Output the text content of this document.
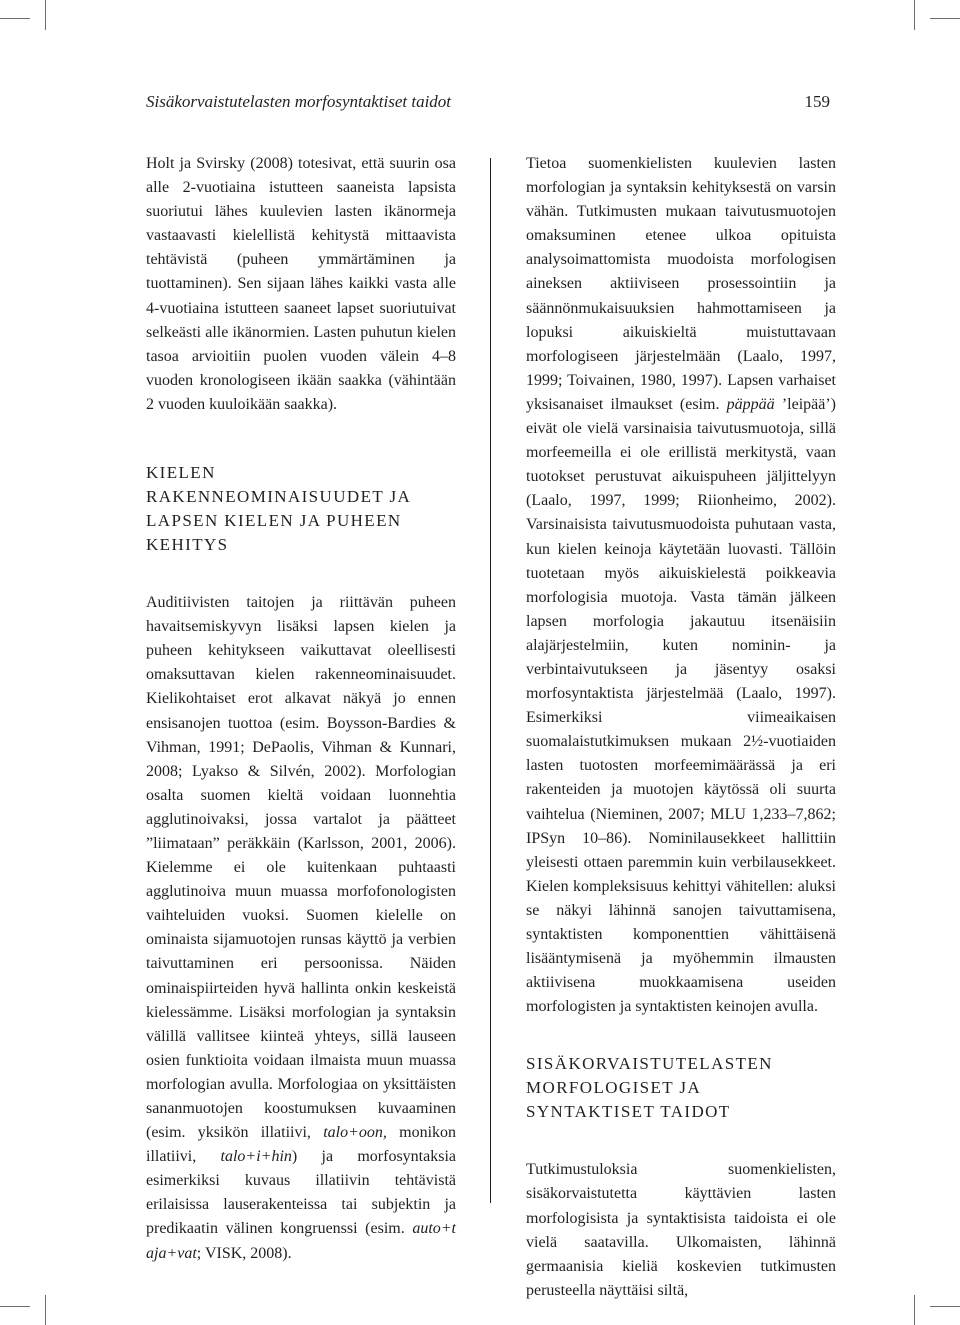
Sisäkorvaistutelasten morfosyntaktiset taidot	159

Holt ja Svirsky (2008) totesivat, että suurin osa alle 2-vuotiaina istutteen saaneista lapsista suoriutui lähes kuulevien lasten ikänormeja vastaavasti kielellistä kehitystä mittaavista tehtävistä (puheen ymmärtäminen ja tuottaminen). Sen sijaan lähes kaikki vasta alle 4-vuotiaina istutteen saaneet lapset suoriutuivat selkeästi alle ikänormien. Lasten puhutun kielen tasoa arvioitiin puolen vuoden välein 4–8 vuoden kronologiseen ikään saakka (vähintään 2 vuoden kuuloikään saakka).

KIELEN
RAKENNEOMINAISUUDET JA
LAPSEN KIELEN JA PUHEEN
KEHITYS

Auditiivisten taitojen ja riittävän puheen havaitsemiskyvyn lisäksi lapsen kielen ja puheen kehitykseen vaikuttavat oleellisesti omaksuttavan kielen rakenneominaisuudet. Kielikohtaiset erot alkavat näkyä jo ennen ensisanojen tuottoa (esim. Boysson-Bardies & Vihman, 1991; DePaolis, Vihman & Kunnari, 2008; Lyakso & Silvén, 2002). Morfologian osalta suomen kieltä voidaan luonnehtia agglutinoivaksi, jossa vartalot ja päätteet ”liimataan” peräkkäin (Karlsson, 2001, 2006). Kielemme ei ole kuitenkaan puhtaasti agglutinoiva muun muassa morfofonologisten vaihteluiden vuoksi. Suomen kielelle on ominaista sijamuotojen runsas käyttö ja verbien taivuttaminen eri persoonissa. Näiden ominaispiirteiden hyvä hallinta onkin keskeistä kielessämme. Lisäksi morfologian ja syntaksin välillä vallitsee kiinteä yhteys, sillä lauseen osien funktioita voidaan ilmaista muun muassa morfologian avulla. Morfologiaa on yksittäisten sananmuotojen koostumuksen kuvaaminen (esim. yksikön illatiivi, talo+oon, monikon illatiivi, talo+i+hin) ja morfosyntaksia esimerkiksi kuvaus illatiivin tehtävistä erilaisissa lauserakenteissa tai subjektin ja predikaatin välinen kongruenssi (esim. auto+t aja+vat; VISK, 2008).

Tietoa suomenkielisten kuulevien lasten morfologian ja syntaksin kehityksestä on varsin vähän. Tutkimusten mukaan taivutusmuotojen omaksuminen etenee ulkoa opituista analysoimattomista muodoista morfologisen aineksen aktiiviseen prosessointiin ja säännönmukaisuuksien hahmottamiseen ja lopuksi aikuiskieltä muistuttavaan morfologiseen järjestelmään (Laalo, 1997, 1999; Toivainen, 1980, 1997). Lapsen varhaiset yksisanaiset ilmaukset (esim. päppää ’leipää’) eivät ole vielä varsinaisia taivutusmuotoja, sillä morfeemeilla ei ole erillistä merkitystä, vaan tuotokset perustuvat aikuispuheen jäljittelyyn (Laalo, 1997, 1999; Riionheimo, 2002). Varsinaisista taivutusmuodoista puhutaan vasta, kun kielen keinoja käytetään luovasti. Tällöin tuotetaan myös aikuiskielestä poikkeavia morfologisia muotoja. Vasta tämän jälkeen lapsen morfologia jakautuu itsenäisiin alajärjestelmiin, kuten nominin- ja verbintaivutukseen ja jäsentyy osaksi morfosyntaktista järjestelmää (Laalo, 1997). Esimerkiksi viimeaikaisen suomalaistutkimuksen mukaan 2½-vuotiaiden lasten tuotosten morfeemimäärässä ja eri rakenteiden ja muotojen käytössä oli suurta vaihtelua (Nieminen, 2007; MLU 1,233–7,862; IPSyn 10–86). Nominilausekkeet hallittiin yleisesti ottaen paremmin kuin verbilausekkeet. Kielen kompleksisuus kehittyi vähitellen: aluksi se näkyi lähinnä sanojen taivuttamisena, syntaktisten komponenttien vähittäisenä lisääntymisenä ja myöhemmin ilmausten aktiivisena muokkaamisena useiden morfologisten ja syntaktisten keinojen avulla.

SISÄKORVAISTUTELASTEN
MORFOLOGISET JA
SYNTAKTISET TAIDOT

Tutkimustuloksia suomenkielisten, sisäkorvaistutetta käyttävien lasten morfologisista ja syntaktisista taidoista ei ole vielä saatavilla. Ulkomaisten, lähinnä germaanisia kieliä koskevien tutkimusten perusteella näyttäisi siltä,
